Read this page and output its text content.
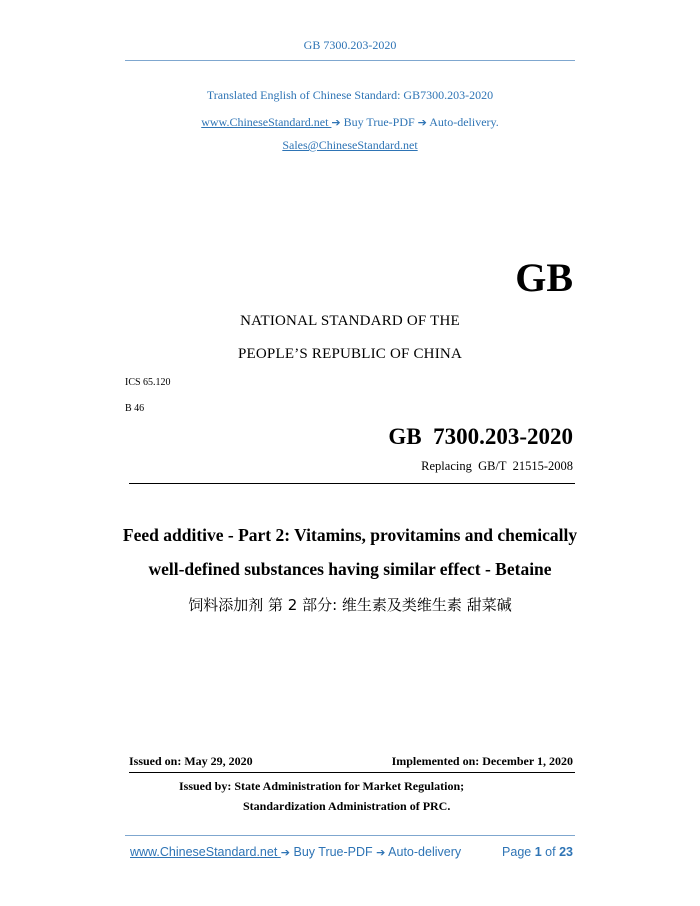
GB 7300.203-2020
Translated English of Chinese Standard: GB7300.203-2020
www.ChineseStandard.net ➔ Buy True-PDF ➔ Auto-delivery.
Sales@ChineseStandard.net
GB
NATIONAL STANDARD OF THE
PEOPLE’S REPUBLIC OF CHINA
ICS 65.120
B 46
GB  7300.203-2020
Replacing  GB/T  21515-2008
Feed additive - Part 2: Vitamins, provitamins and chemically
well-defined substances having similar effect - Betaine
饲料添加剂 第 2 部分: 维生素及类维生素 甜菜碱
Issued on: May 29, 2020	Implemented on: December 1, 2020
Issued by: State Administration for Market Regulation;
Standardization Administration of PRC.
www.ChineseStandard.net ➔ Buy True-PDF ➔ Auto-delivery	Page 1 of 23
